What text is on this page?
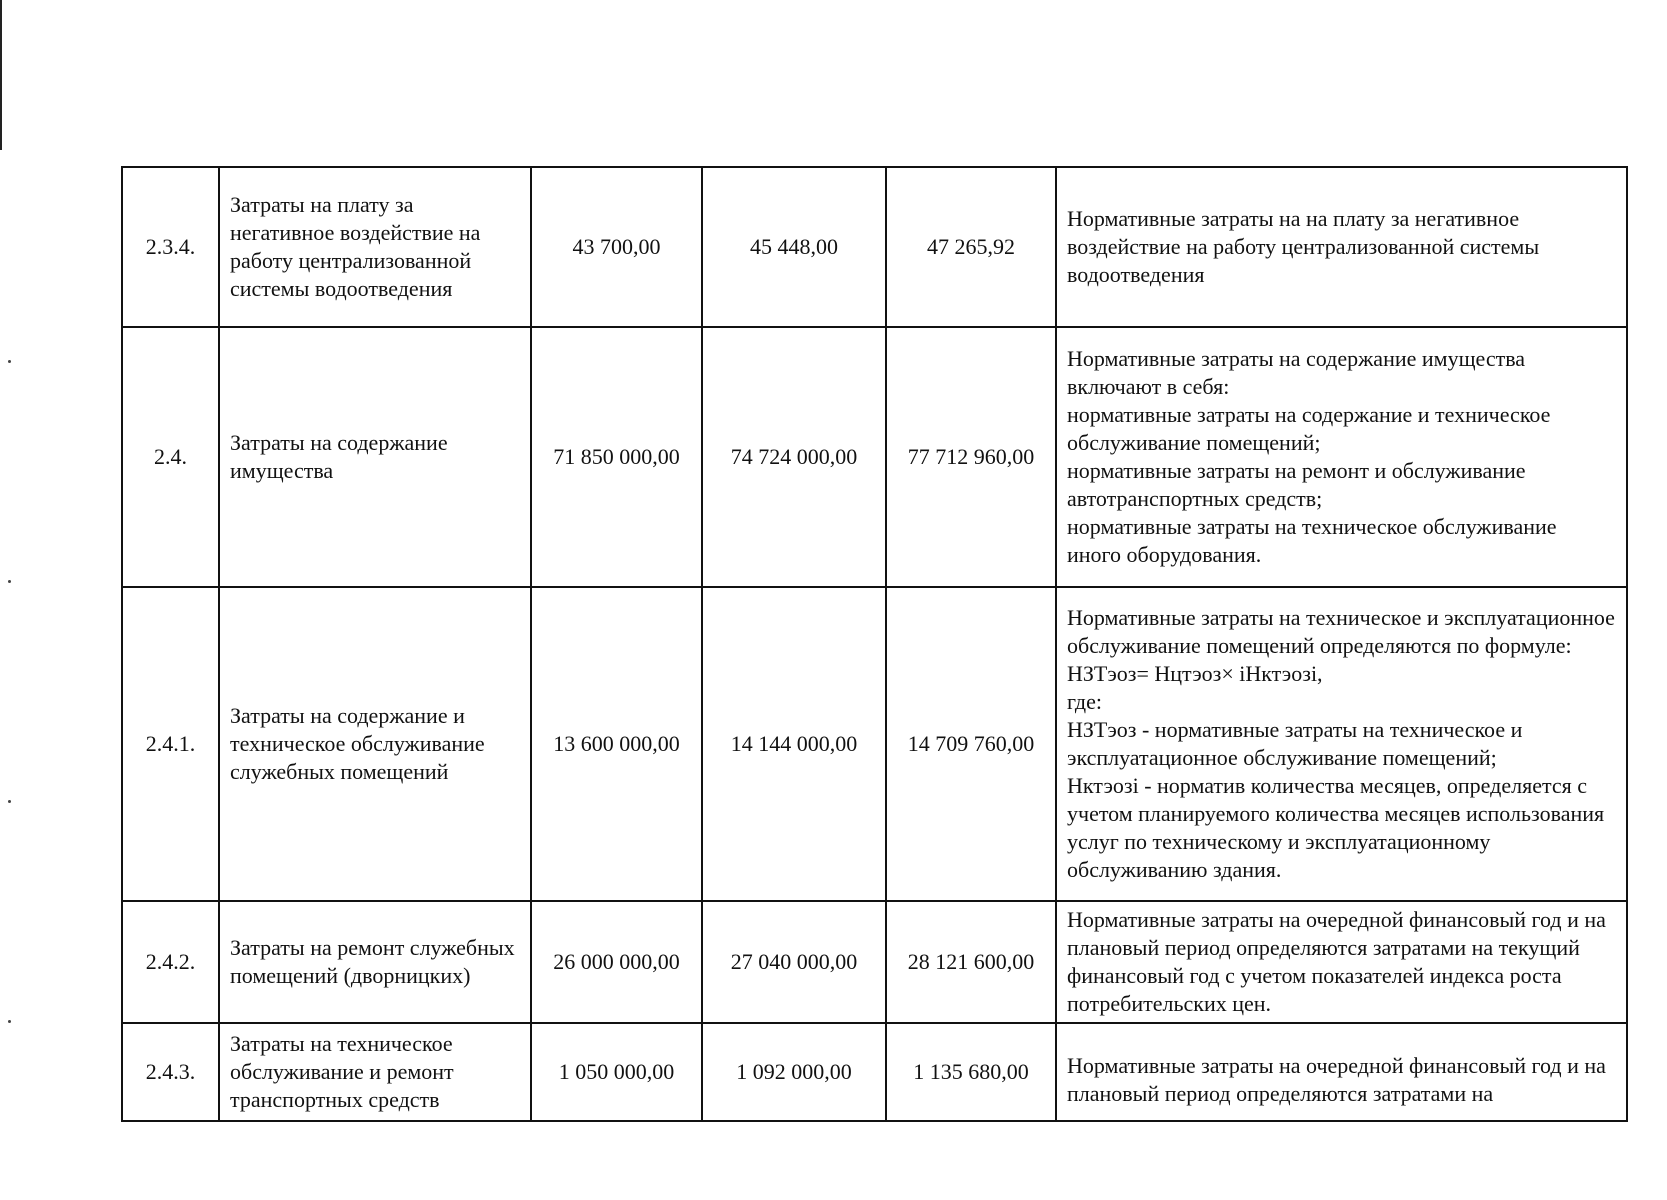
2.3.4.	Затраты на плату за негативное воздействие на работу централизованной системы водоотведения	43 700,00	45 448,00	47 265,92	Нормативные затраты на на плату за негативное воздействие на работу централизованной системы водоотведения

2.4.	Затраты на содержание имущества	71 850 000,00	74 724 000,00	77 712 960,00	Нормативные затраты на содержание имущества включают в себя:
нормативные затраты на содержание и техническое обслуживание помещений;
нормативные затраты на ремонт и обслуживание автотранспортных средств;
нормативные затраты на техническое обслуживание иного оборудования.

2.4.1.	Затраты на содержание и техническое обслуживание служебных помещений	13 600 000,00	14 144 000,00	14 709 760,00	Нормативные затраты на техническое и эксплуатационное обслуживание помещений определяются по формуле:
НЗТэоз= Нцтэоз× iНктэозi,
где:
НЗТэоз - нормативные затраты на техническое и эксплуатационное обслуживание помещений;
Нктэозi - норматив количества месяцев, определяется с учетом планируемого количества месяцев использования услуг по техническому и эксплуатационному обслуживанию здания.

2.4.2.	Затраты на ремонт служебных помещений (дворницких)	26 000 000,00	27 040 000,00	28 121 600,00	Нормативные затраты на очередной финансовый год и на плановый период определяются затратами на текущий финансовый год с учетом показателей индекса роста потребительских цен.

2.4.3.	Затраты на техническое обслуживание и ремонт транспортных средств	1 050 000,00	1 092 000,00	1 135 680,00	Нормативные затраты на очередной финансовый год и на плановый период определяются затратами на
